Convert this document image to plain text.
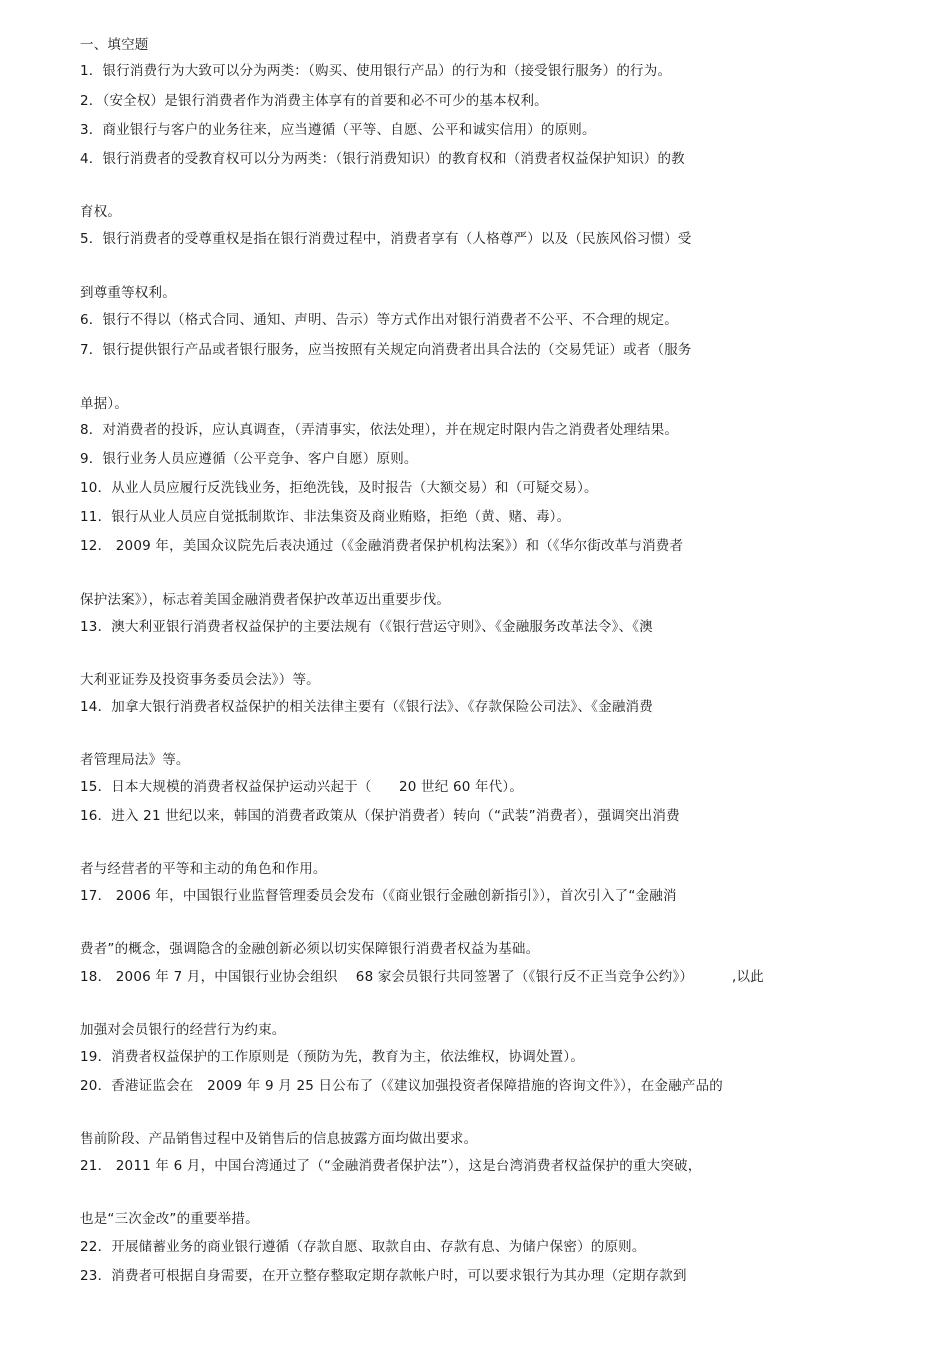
一、填空题
1．银行消费行为大致可以分为两类：（购买、使用银行产品）的行为和（接受银行服务）的行为。
2．（安全权）是银行消费者作为消费主体享有的首要和必不可少的基本权利。
3．商业银行与客户的业务往来，应当遵循（平等、自愿、公平和诚实信用）的原则。
4．银行消费者的受教育权可以分为两类：（银行消费知识）的教育权和（消费者权益保护知识）的教
育权。
5．银行消费者的受尊重权是指在银行消费过程中，消费者享有（人格尊严）以及（民族风俗习惯）受
到尊重等权利。
6．银行不得以（格式合同、通知、声明、告示）等方式作出对银行消费者不公平、不合理的规定。
7．银行提供银行产品或者银行服务，应当按照有关规定向消费者出具合法的（交易凭证）或者（服务
单据）。
8．对消费者的投诉，应认真调查，（弄清事实，依法处理），并在规定时限内告之消费者处理结果。
9．银行业务人员应遵循（公平竞争、客户自愿）原则。
10．从业人员应履行反洗钱业务，拒绝洗钱，及时报告（大额交易）和（可疑交易）。
11．银行从业人员应自觉抵制欺诈、非法集资及商业贿赂，拒绝（黄、赌、毒）。
12． 2009 年，美国众议院先后表决通过（《金融消费者保护机构法案》）和（《华尔街改革与消费者
保护法案》），标志着美国金融消费者保护改革迈出重要步伐。
13．澳大利亚银行消费者权益保护的主要法规有（《银行营运守则》、《金融服务改革法令》、《澳
大利亚证券及投资事务委员会法》）等。
14．加拿大银行消费者权益保护的相关法律主要有（《银行法》、《存款保险公司法》、《金融消费
者管理局法》等。
15．日本大规模的消费者权益保护运动兴起于（　　20 世纪 60 年代）。
16．进入 21 世纪以来，韩国的消费者政策从（保护消费者）转向（“武装”消费者），强调突出消费
者与经营者的平等和主动的角色和作用。
17． 2006 年，中国银行业监督管理委员会发布（《商业银行金融创新指引》），首次引入了“金融消
费者”的概念，强调隐含的金融创新必须以切实保障银行消费者权益为基础。
18． 2006 年 7 月，中国银行业协会组织　 68 家会员银行共同签署了（《银行反不正当竞争公约》）　　　 ,以此
加强对会员银行的经营行为约束。
19．消费者权益保护的工作原则是（预防为先，教育为主，依法维权，协调处置）。
20．香港证监会在　2009 年 9 月 25 日公布了（《建议加强投资者保障措施的咨询文件》），在金融产品的
售前阶段、产品销售过程中及销售后的信息披露方面均做出要求。
21． 2011 年 6 月，中国台湾通过了（“金融消费者保护法”），这是台湾消费者权益保护的重大突破，
也是“三次金改”的重要举措。
22．开展储蓄业务的商业银行遵循（存款自愿、取款自由、存款有息、为储户保密）的原则。
23．消费者可根据自身需要，在开立整存整取定期存款帐户时，可以要求银行为其办理（定期存款到
